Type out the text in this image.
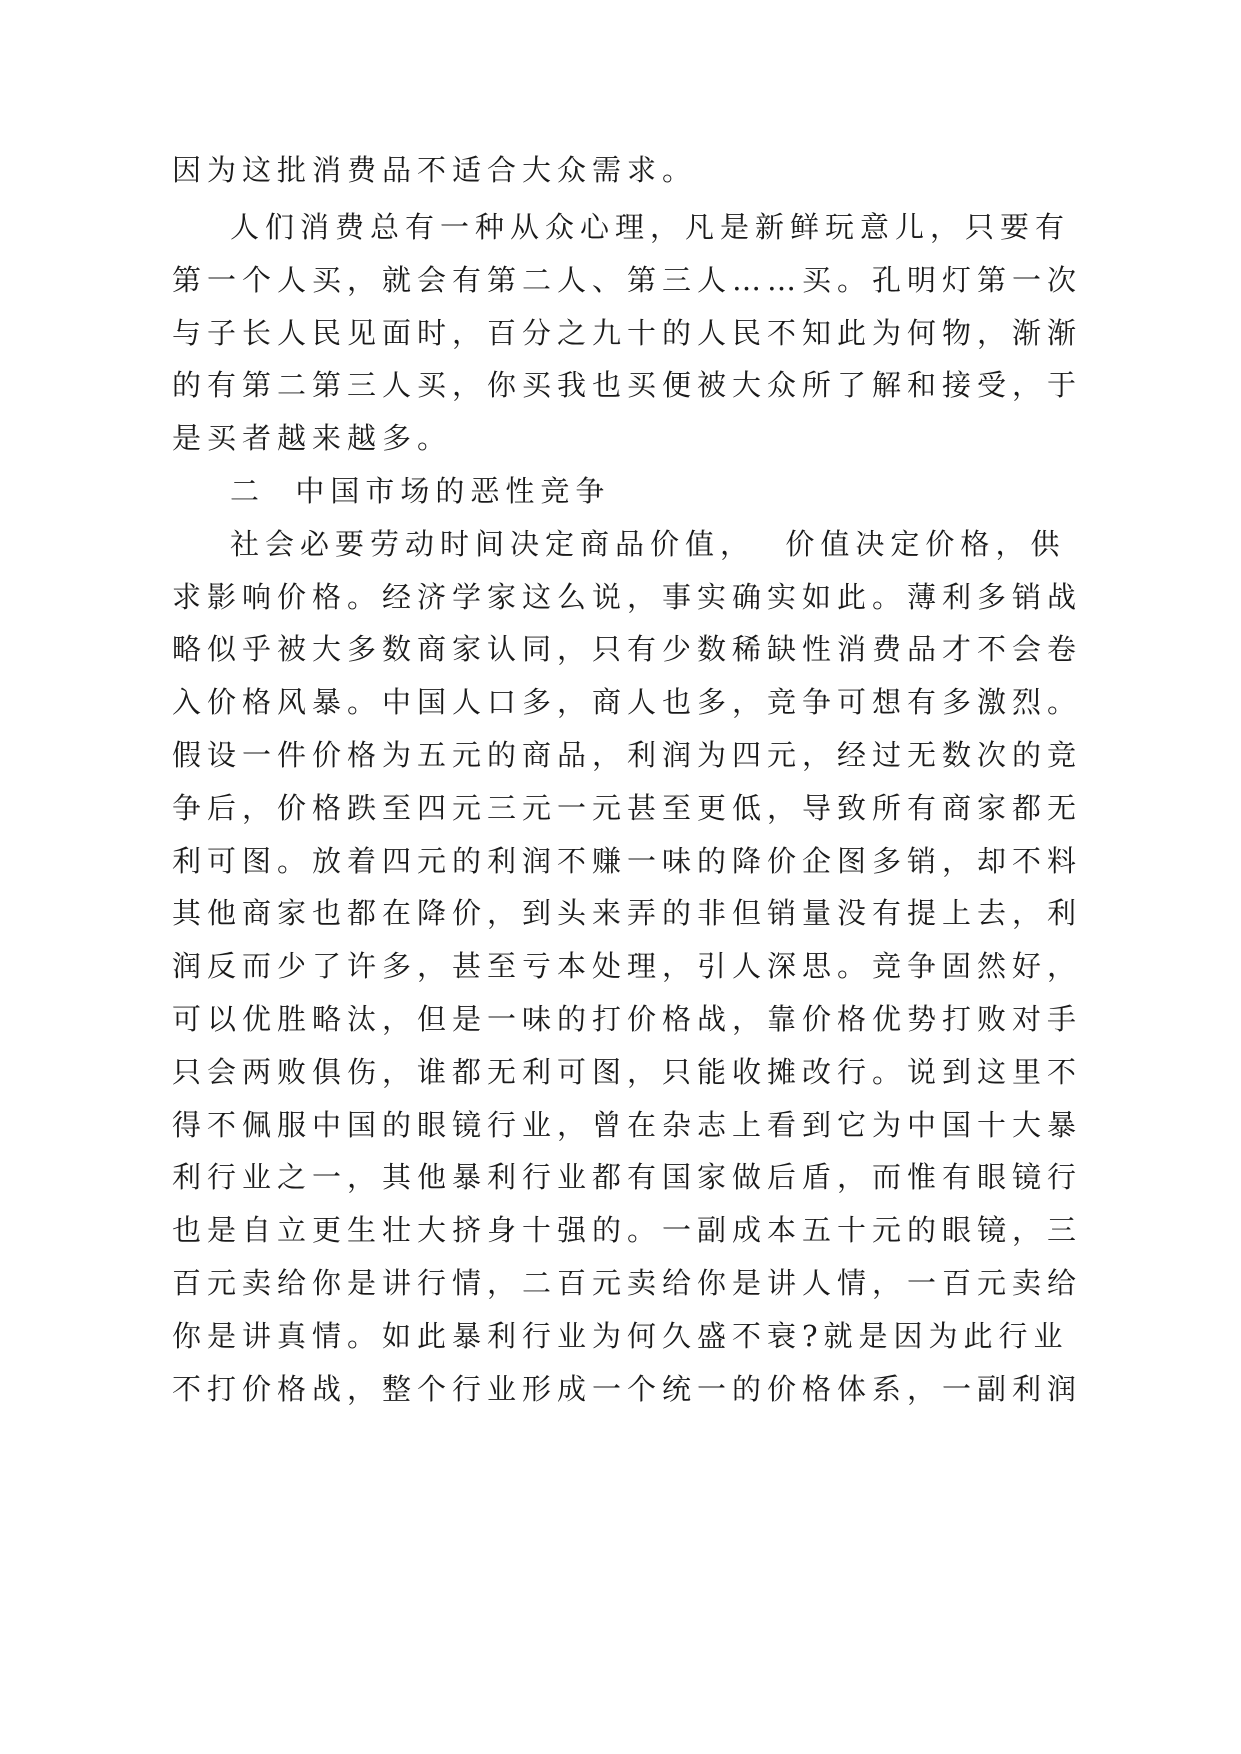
因为这批消费品不适合大众需求。
人们消费总有一种从众心理，凡是新鲜玩意儿，只要有
第一个人买，就会有第二人、第三人……买。孔明灯第一次
与子长人民见面时，百分之九十的人民不知此为何物，渐渐
的有第二第三人买，你买我也买便被大众所了解和接受，于
是买者越来越多。
二  中国市场的恶性竞争
社会必要劳动时间决定商品价值，  价值决定价格，供
求影响价格。经济学家这么说，事实确实如此。薄利多销战
略似乎被大多数商家认同，只有少数稀缺性消费品才不会卷
入价格风暴。中国人口多，商人也多，竞争可想有多激烈。
假设一件价格为五元的商品，利润为四元，经过无数次的竞
争后，价格跌至四元三元一元甚至更低，导致所有商家都无
利可图。放着四元的利润不赚一味的降价企图多销，却不料
其他商家也都在降价，到头来弄的非但销量没有提上去，利
润反而少了许多，甚至亏本处理，引人深思。竞争固然好，
可以优胜略汰，但是一味的打价格战，靠价格优势打败对手
只会两败俱伤，谁都无利可图，只能收摊改行。说到这里不
得不佩服中国的眼镜行业，曾在杂志上看到它为中国十大暴
利行业之一，其他暴利行业都有国家做后盾，而惟有眼镜行
也是自立更生壮大挤身十强的。一副成本五十元的眼镜，三
百元卖给你是讲行情，二百元卖给你是讲人情，一百元卖给
你是讲真情。如此暴利行业为何久盛不衰?就是因为此行业
不打价格战，整个行业形成一个统一的价格体系，一副利润
